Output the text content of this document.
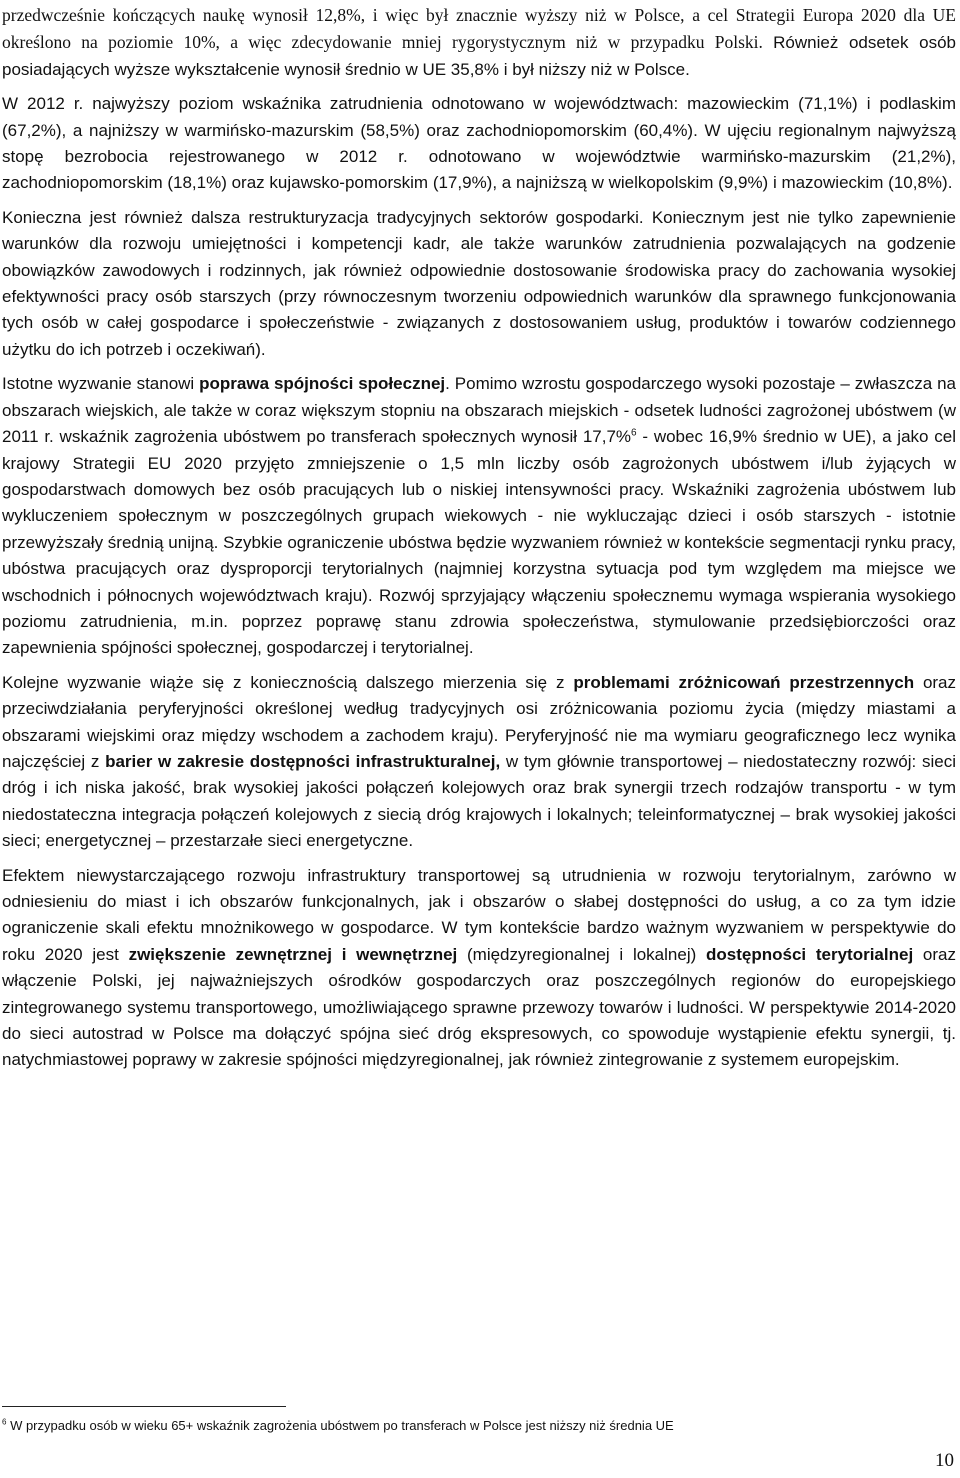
przedwcześnie kończących naukę wynosił 12,8%, i więc był znacznie wyższy niż w Polsce, a cel Strategii Europa 2020 dla UE określono na poziomie 10%, a więc zdecydowanie mniej rygorystycznym niż w przypadku Polski. Również odsetek osób posiadających wyższe wykształcenie wynosił średnio w UE 35,8% i był niższy niż w Polsce.

W 2012 r. najwyższy poziom wskaźnika zatrudnienia odnotowano w województwach: mazowieckim (71,1%) i podlaskim (67,2%), a najniższy w warmińsko-mazurskim (58,5%) oraz zachodniopomorskim (60,4%). W ujęciu regionalnym najwyższą stopę bezrobocia rejestrowanego w 2012 r. odnotowano w województwie warmińsko-mazurskim (21,2%), zachodniopomorskim (18,1%) oraz kujawsko-pomorskim (17,9%), a najniższą w wielkopolskim (9,9%) i mazowieckim (10,8%).

Konieczna jest również dalsza restrukturyzacja tradycyjnych sektorów gospodarki. Koniecznym jest nie tylko zapewnienie warunków dla rozwoju umiejętności i kompetencji kadr, ale także warunków zatrudnienia pozwalających na godzenie obowiązków zawodowych i rodzinnych, jak również odpowiednie dostosowanie środowiska pracy do zachowania wysokiej efektywności pracy osób starszych (przy równoczesnym tworzeniu odpowiednich warunków dla sprawnego funkcjonowania tych osób w całej gospodarce i społeczeństwie - związanych z dostosowaniem usług, produktów i towarów codziennego użytku do ich potrzeb i oczekiwań).

Istotne wyzwanie stanowi poprawa spójności społecznej. Pomimo wzrostu gospodarczego wysoki pozostaje – zwłaszcza na obszarach wiejskich, ale także w coraz większym stopniu na obszarach miejskich - odsetek ludności zagrożonej ubóstwem (w 2011 r. wskaźnik zagrożenia ubóstwem po transferach społecznych wynosił 17,7%$^6$ - wobec 16,9% średnio w UE), a jako cel krajowy Strategii EU 2020 przyjęto zmniejszenie o 1,5 mln liczby osób zagrożonych ubóstwem i/lub żyjących w gospodarstwach domowych bez osób pracujących lub o niskiej intensywności pracy. Wskaźniki zagrożenia ubóstwem lub wykluczeniem społecznym w poszczególnych grupach wiekowych - nie wykluczając dzieci i osób starszych - istotnie przewyższały średnią unijną. Szybkie ograniczenie ubóstwa będzie wyzwaniem również w kontekście segmentacji rynku pracy, ubóstwa pracujących oraz dysproporcji terytorialnych (najmniej korzystna sytuacja pod tym względem ma miejsce we wschodnich i północnych województwach kraju). Rozwój sprzyjający włączeniu społecznemu wymaga wspierania wysokiego poziomu zatrudnienia, m.in. poprzez poprawę stanu zdrowia społeczeństwa, stymulowanie przedsiębiorczości oraz zapewnienia spójności społecznej, gospodarczej i terytorialnej.

Kolejne wyzwanie wiąże się z koniecznością dalszego mierzenia się z problemami zróżnicowań przestrzennych oraz przeciwdziałania peryferyjności określonej według tradycyjnych osi zróżnicowania poziomu życia (między miastami a obszarami wiejskimi oraz między wschodem a zachodem kraju). Peryferyjność nie ma wymiaru geograficznego lecz wynika najczęściej z barier w zakresie dostępności infrastrukturalnej, w tym głównie transportowej – niedostateczny rozwój: sieci dróg i ich niska jakość, brak wysokiej jakości połączeń kolejowych oraz brak synergii trzech rodzajów transportu - w tym niedostateczna integracja połączeń kolejowych z siecią dróg krajowych i lokalnych; teleinformatycznej – brak wysokiej jakości sieci; energetycznej – przestarzałe sieci energetyczne.

Efektem niewystarczającego rozwoju infrastruktury transportowej są utrudnienia w rozwoju terytorialnym, zarówno w odniesieniu do miast i ich obszarów funkcjonalnych, jak i obszarów o słabej dostępności do usług, a co za tym idzie ograniczenie skali efektu mnożnikowego w gospodarce. W tym kontekście bardzo ważnym wyzwaniem w perspektywie do roku 2020 jest zwiększenie zewnętrznej i wewnętrznej (międzyregionalnej i lokalnej) dostępności terytorialnej oraz włączenie Polski, jej najważniejszych ośrodków gospodarczych oraz poszczególnych regionów do europejskiego zintegrowanego systemu transportowego, umożliwiającego sprawne przewozy towarów i ludności. W perspektywie 2014-2020 do sieci autostrad w Polsce ma dołączyć spójna sieć dróg ekspresowych, co spowoduje wystąpienie efektu synergii, tj. natychmiastowej poprawy w zakresie spójności międzyregionalnej, jak również zintegrowanie z systemem europejskim.

$^6$ W przypadku osób w wieku 65+ wskaźnik zagrożenia ubóstwem po transferach w Polsce jest niższy niż średnia UE
10
